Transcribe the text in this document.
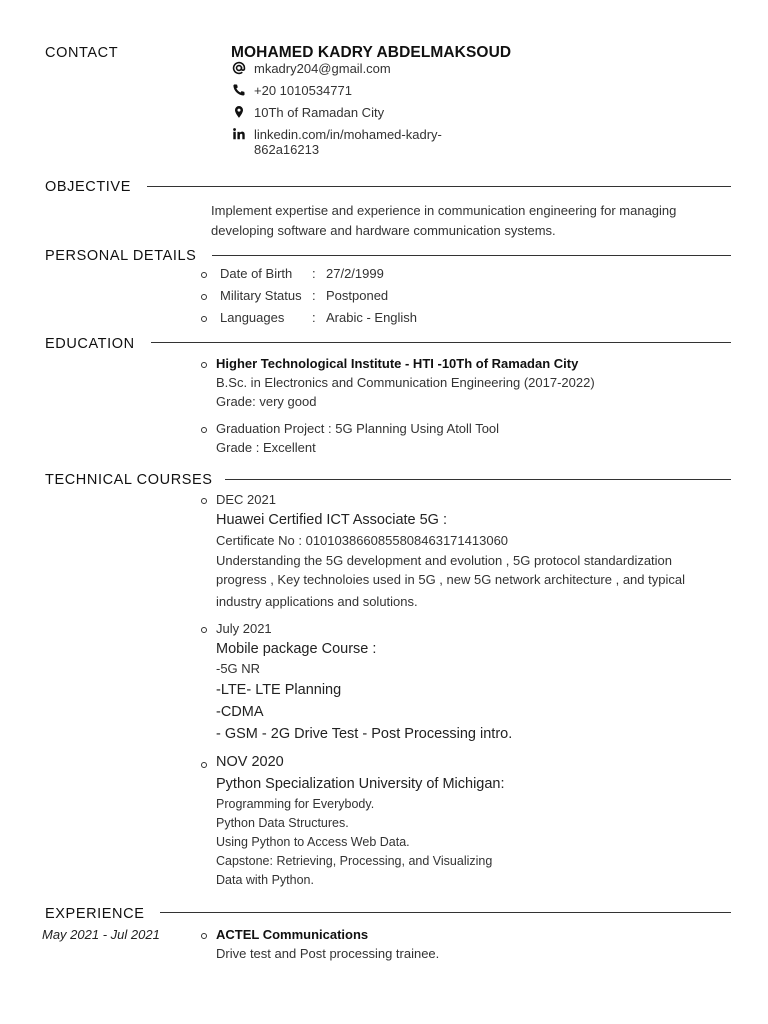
CONTACT	MOHAMED KADRY ABDELMAKSOUD
mkadry204@gmail.com
+20 1010534771
10Th of Ramadan City
linkedin.com/in/mohamed-kadry-
862a16213
OBJECTIVE
Implement expertise and experience in communication engineering for managing
developing software and hardware communication systems.
PERSONAL DETAILS
Date of Birth : 27/2/1999
Military Status : Postponed
Languages : Arabic - English
EDUCATION
Higher Technological Institute - HTI -10Th of Ramadan City
B.Sc. in Electronics and Communication Engineering (2017-2022)
Grade: very good
Graduation Project : 5G Planning Using Atoll Tool
Grade : Excellent
TECHNICAL COURSES
DEC 2021
Huawei Certified ICT Associate 5G :
Certificate No : 010103866085580846317141306​0
Understanding the 5G development and evolution , 5G protocol standardization
progress , Key technoloies used in 5G , new 5G network architecture , and typical
industry applications and solutions.
July 2021
Mobile package Course :
-5G NR
-LTE- LTE Planning
-CDMA
- GSM - 2G Drive Test - Post Processing intro.
NOV 2020
Python Specialization University of Michigan:
Programming for Everybody.
Python Data Structures.
Using Python to Access Web Data.
Capstone: Retrieving, Processing, and Visualizing
Data with Python.
EXPERIENCE
May 2021 - Jul 2021	ACTEL Communications
Drive test and Post processing trainee.
